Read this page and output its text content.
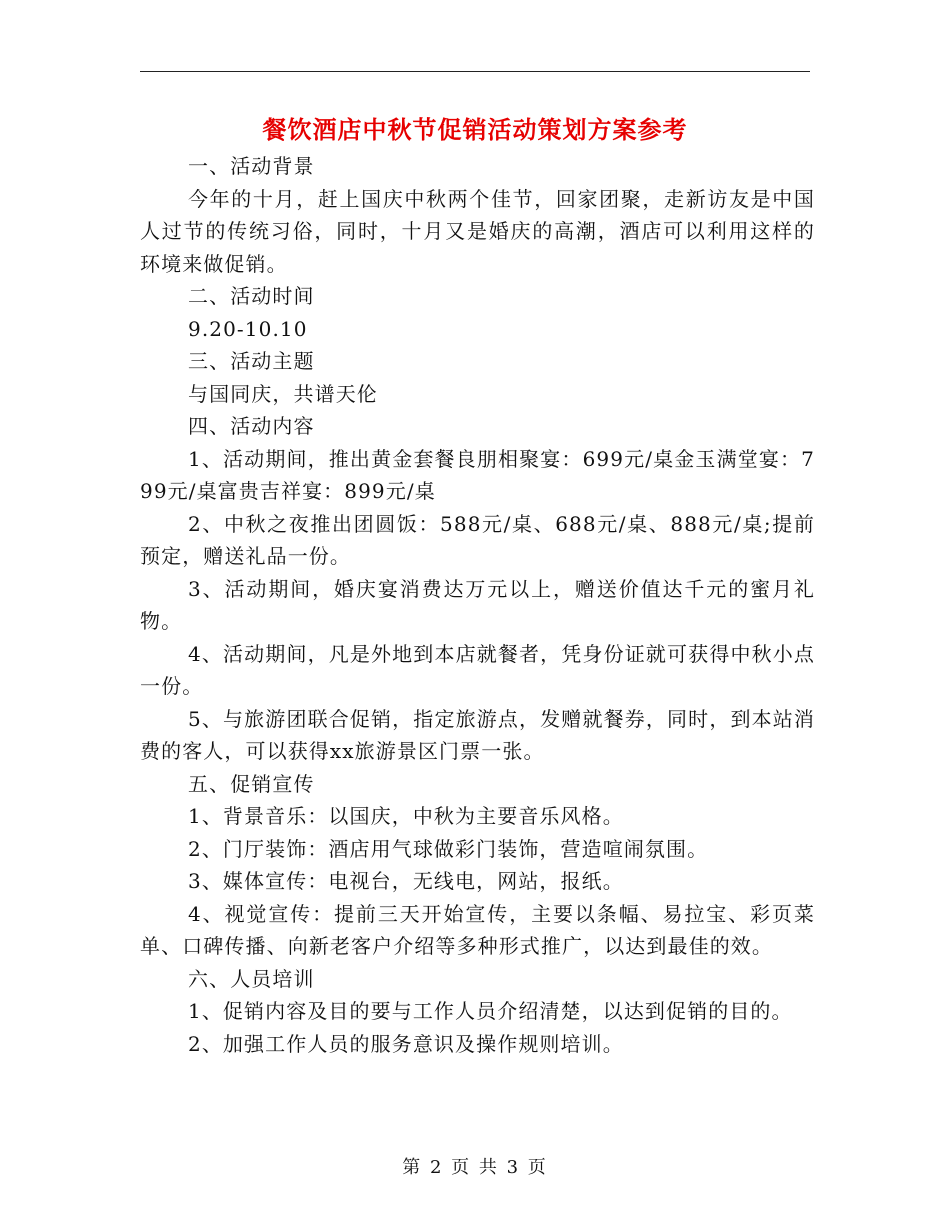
餐饮酒店中秋节促销活动策划方案参考

一、活动背景

今年的十月，赶上国庆中秋两个佳节，回家团聚，走新访友是中国人过节的传统习俗，同时，十月又是婚庆的高潮，酒店可以利用这样的环境来做促销。

二、活动时间

9.20-10.10

三、活动主题

与国同庆，共谱天伦

四、活动内容

1、活动期间，推出黄金套餐良朋相聚宴：699元/桌金玉满堂宴：799元/桌富贵吉祥宴：899元/桌

2、中秋之夜推出团圆饭：588元/桌、688元/桌、888元/桌;提前预定，赠送礼品一份。

3、活动期间，婚庆宴消费达万元以上，赠送价值达千元的蜜月礼物。

4、活动期间，凡是外地到本店就餐者，凭身份证就可获得中秋小点一份。

5、与旅游团联合促销，指定旅游点，发赠就餐券，同时，到本站消费的客人，可以获得xx旅游景区门票一张。

五、促销宣传

1、背景音乐：以国庆，中秋为主要音乐风格。

2、门厅装饰：酒店用气球做彩门装饰，营造喧闹氛围。

3、媒体宣传：电视台，无线电，网站，报纸。

4、视觉宣传：提前三天开始宣传，主要以条幅、易拉宝、彩页菜单、口碑传播、向新老客户介绍等多种形式推广，以达到最佳的效。

六、人员培训

1、促销内容及目的要与工作人员介绍清楚，以达到促销的目的。

2、加强工作人员的服务意识及操作规则培训。

第 2 页 共 3 页
